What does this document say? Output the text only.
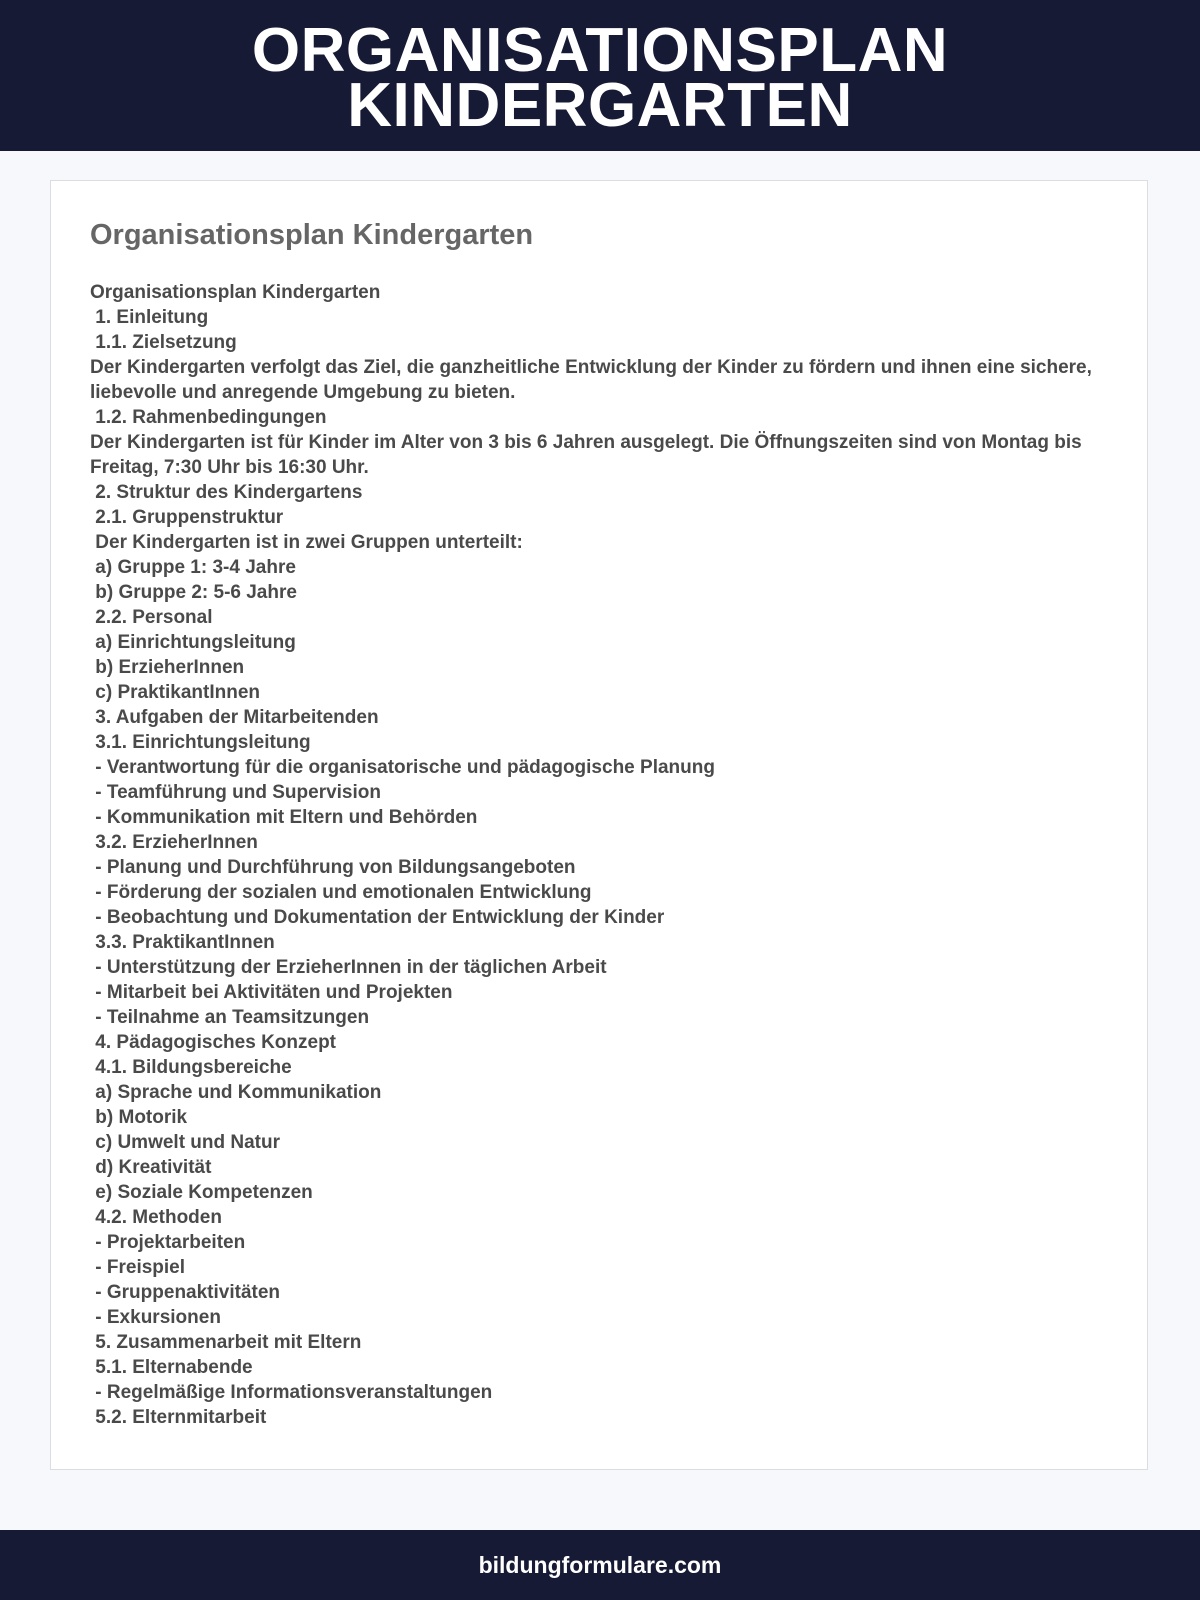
ORGANISATIONSPLAN
KINDERGARTEN
Organisationsplan Kindergarten
Organisationsplan Kindergarten
1. Einleitung
1.1. Zielsetzung
Der Kindergarten verfolgt das Ziel, die ganzheitliche Entwicklung der Kinder zu fördern und ihnen eine sichere, liebevolle und anregende Umgebung zu bieten.
1.2. Rahmenbedingungen
Der Kindergarten ist für Kinder im Alter von 3 bis 6 Jahren ausgelegt. Die Öffnungszeiten sind von Montag bis Freitag, 7:30 Uhr bis 16:30 Uhr.
2. Struktur des Kindergartens
2.1. Gruppenstruktur
Der Kindergarten ist in zwei Gruppen unterteilt:
a) Gruppe 1: 3-4 Jahre
b) Gruppe 2: 5-6 Jahre
2.2. Personal
a) Einrichtungsleitung
b) ErzieherInnen
c) PraktikantInnen
3. Aufgaben der Mitarbeitenden
3.1. Einrichtungsleitung
- Verantwortung für die organisatorische und pädagogische Planung
- Teamführung und Supervision
- Kommunikation mit Eltern und Behörden
3.2. ErzieherInnen
- Planung und Durchführung von Bildungsangeboten
- Förderung der sozialen und emotionalen Entwicklung
- Beobachtung und Dokumentation der Entwicklung der Kinder
3.3. PraktikantInnen
- Unterstützung der ErzieherInnen in der täglichen Arbeit
- Mitarbeit bei Aktivitäten und Projekten
- Teilnahme an Teamsitzungen
4. Pädagogisches Konzept
4.1. Bildungsbereiche
a) Sprache und Kommunikation
b) Motorik
c) Umwelt und Natur
d) Kreativität
e) Soziale Kompetenzen
4.2. Methoden
- Projektarbeiten
- Freispiel
- Gruppenaktivitäten
- Exkursionen
5. Zusammenarbeit mit Eltern
5.1. Elternabende
- Regelmäßige Informationsveranstaltungen
5.2. Elternmitarbeit
bildungformulare.com
